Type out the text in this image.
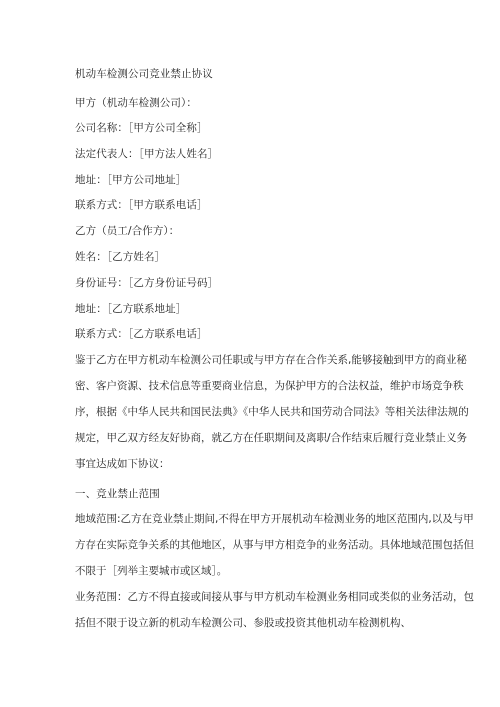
机动车检测公司竞业禁止协议
甲方（机动车检测公司）：
公司名称：［甲方公司全称］
法定代表人：［甲方法人姓名］
地址：［甲方公司地址］
联系方式：［甲方联系电话］
乙方（员工/合作方）：
姓名：［乙方姓名］
身份证号：［乙方身份证号码］
地址：［乙方联系地址］
联系方式：［乙方联系电话］
鉴于乙方在甲方机动车检测公司任职或与甲方存在合作关系,能够接触到甲方的商业秘
密、客户资源、技术信息等重要商业信息，为保护甲方的合法权益，维护市场竞争秩
序，根据《中华人民共和国民法典》《中华人民共和国劳动合同法》等相关法律法规的
规定，甲乙双方经友好协商，就乙方在任职期间及离职/合作结束后履行竞业禁止义务
事宜达成如下协议：
一、竞业禁止范围
地域范围:乙方在竞业禁止期间,不得在甲方开展机动车检测业务的地区范围内,以及与甲
方存在实际竞争关系的其他地区，从事与甲方相竞争的业务活动。具体地域范围包括但
不限于［列举主要城市或区域］。
业务范围：乙方不得直接或间接从事与甲方机动车检测业务相同或类似的业务活动，包
括但不限于设立新的机动车检测公司、参股或投资其他机动车检测机构、
